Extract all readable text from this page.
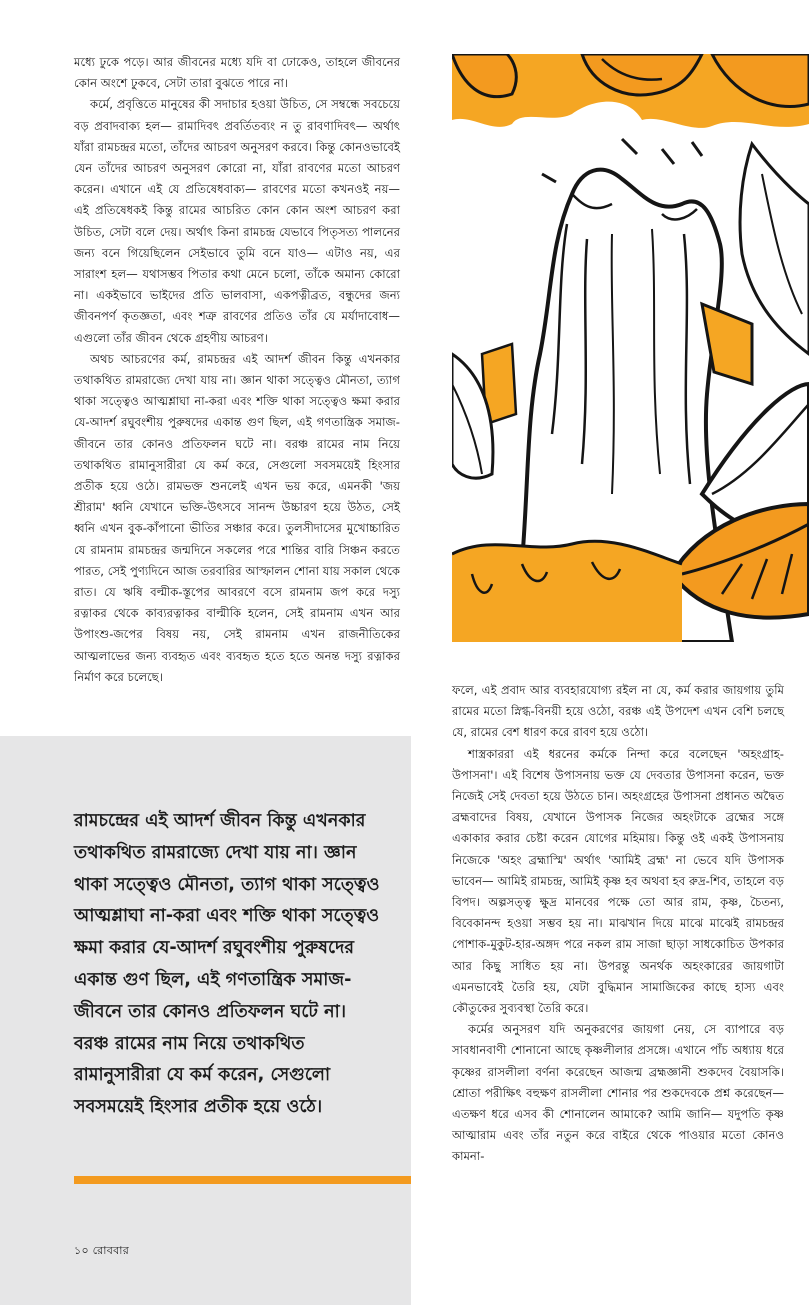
মধ্যে ঢুকে পড়ে। আর জীবনের মধ্যে যদি বা ঢোকেও, তাহলে জীবনের কোন অংশে ঢুকবে, সেটা তারা বুঝতে পারে না।

কর্মে, প্রবৃত্তিতে মানুষের কী সদাচার হওয়া উচিত, সে সম্বন্ধে সবচেয়ে বড় প্রবাদবাক্য হল— রামাদিবৎ প্রবর্তিতব্যং ন তু রাবণাদিবৎ— অর্থাৎ যাঁরা রামচন্দ্রর মতো, তাঁদের আচরণ অনুসরণ করবে। কিন্তু কোনওভাবেই যেন তাঁদের আচরণ অনুসরণ কোরো না, যাঁরা রাবণের মতো আচরণ করেন। এখানে এই যে প্রতিষেধবাক্য— রাবণের মতো কখনওই নয়— এই প্রতিষেধকই কিন্তু রামের আচরিত কোন কোন অংশ আচরণ করা উচিত, সেটা বলে দেয়। অর্থাৎ কিনা রামচন্দ্র যেভাবে পিতৃসত্য পালনের জন্য বনে গিয়েছিলেন সেইভাবে তুমি বনে যাও— এটাও নয়, এর সারাংশ হল— যথাসম্ভব পিতার কথা মেনে চলো, তাঁকে অমান্য কোরো না। একইভাবে ভাইদের প্রতি ভালবাসা, একপত্নীব্রত, বন্ধুদের জন্য জীবনপর্ণ কৃতজ্ঞতা, এবং শত্রু রাবণের প্রতিও তাঁর যে মর্যাদাবোধ— এগুলো তাঁর জীবন থেকে গ্রহণীয় আচরণ।

অথচ আচরণের কর্ম, রামচন্দ্রর এই আদর্শ জীবন কিন্তু এখনকার তথাকথিত রামরাজ্যে দেখা যায় না। জ্ঞান থাকা সত্ত্বেও মৌনতা, ত্যাগ থাকা সত্ত্বেও আত্মশ্লাঘা না-করা এবং শক্তি থাকা সত্ত্বেও ক্ষমা করার যে-আদর্শ রঘুবংশীয় পুরুষদের একান্ত গুণ ছিল, এই গণতান্ত্রিক সমাজ-জীবনে তার কোনও প্রতিফলন ঘটে না। বরঞ্চ রামের নাম নিয়ে তথাকথিত রামানুসারীরা যে কর্ম করে, সেগুলো সবসময়েই হিংসার প্রতীক হয়ে ওঠে। রামভক্ত শুনলেই এখন ভয় করে, এমনকী 'জয় শ্রীরাম' ধ্বনি যেখানে ভক্তি-উৎসবে সানন্দ উচ্চারণ হয়ে উঠত, সেই ধ্বনি এখন বুক-কাঁপানো ভীতির সঞ্চার করে। তুলসীদাসের মুখোচ্চারিত যে রামনাম রামচন্দ্রর জন্মদিনে সকলের পরে শান্তির বারি সিঞ্চন করতে পারত, সেই পুণ্যদিনে আজ তরবারির আস্ফালন শোনা যায় সকাল থেকে রাত। যে ঋষি বল্মীক-স্তূপের আবরণে বসে রামনাম জপ করে দস্যু রত্নাকর থেকে কাব্যরত্নাকর বাল্মীকি হলেন, সেই রামনাম এখন আর উপাংশু-জপের বিষয় নয়, সেই রামনাম এখন রাজনীতিকের আত্মলাভের জন্য ব্যবহৃত এবং ব্যবহৃত হতে হতে অনন্ত দস্যু রত্নাকর নির্মাণ করে চলেছে।

ফলে, এই প্রবাদ আর ব্যবহারযোগ্য রইল না যে, কর্ম করার জায়গায় তুমি রামের মতো স্নিগ্ধ-বিনয়ী হয়ে ওঠো, বরঞ্চ এই উপদেশ এখন বেশি চলছে যে, রামের বেশ ধারণ করে রাবণ হয়ে ওঠো।

শাস্ত্রকাররা এই ধরনের কর্মকে নিন্দা করে বলেছেন 'অহংগ্রাহ-উপাসনা'। এই বিশেষ উপাসনায় ভক্ত যে দেবতার উপাসনা করেন, ভক্ত নিজেই সেই দেবতা হয়ে উঠতে চান। অহংগ্রহের উপাসনা প্রধানত অদ্বৈত ব্রহ্মবাদের বিষয়, যেখানে উপাসক নিজের অহংটাকে ব্রহ্মের সঙ্গে একাকার করার চেষ্টা করেন যোগের মহিমায়। কিন্তু ওই একই উপাসনায় নিজেকে 'অহং ব্রহ্মাস্মি' অর্থাৎ 'আমিই ব্রহ্ম' না ভেবে যদি উপাসক ভাবেন— আমিই রামচন্দ্র, আমিই কৃষ্ণ হব অথবা হব রুদ্র-শিব, তাহলে বড় বিপদ। অল্পসত্ত্ব ক্ষুদ্র মানবের পক্ষে তো আর রাম, কৃষ্ণ, চৈতন্য, বিবেকানন্দ হওয়া সম্ভব হয় না। মাঝখান দিয়ে মাঝে মাঝেই রামচন্দ্রর পোশাক-মুকুট-হার-অঙ্গদ পরে নকল রাম সাজা ছাড়া সাধকোচিত উপকার আর কিছু সাধিত হয় না। উপরন্তু অনর্থক অহংকারের জায়গাটা এমনভাবেই তৈরি হয়, যেটা বুদ্ধিমান সামাজিকের কাছে হাস্য এবং কৌতুকের সুব্যবস্থা তৈরি করে।

কর্মের অনুসরণ যদি অনুকরণের জায়গা নেয়, সে ব্যাপারে বড় সাবধানবাণী শোনানো আছে কৃষ্ণলীলার প্রসঙ্গে। এখানে পাঁচ অধ্যায় ধরে কৃষ্ণের রাসলীলা বর্ণনা করেছেন আজন্ম ব্রহ্মজ্ঞানী শুকদেব বৈয়াসকি। শ্রোতা পরীক্ষিৎ বহুক্ষণ রাসলীলা শোনার পর শুকদেবকে প্রশ্ন করেছেন— এতক্ষণ ধরে এসব কী শোনালেন আমাকে? আমি জানি— যদুপতি কৃষ্ণ আত্মারাম এবং তাঁর নতুন করে বাইরে থেকে পাওয়ার মতো কোনও কামনা-

রামচন্দ্রের এই আদর্শ জীবন কিন্তু এখনকার তথাকথিত রামরাজ্যে দেখা যায় না। জ্ঞান থাকা সত্ত্বেও মৌনতা, ত্যাগ থাকা সত্ত্বেও আত্মশ্লাঘা না-করা এবং শক্তি থাকা সত্ত্বেও ক্ষমা করার যে-আদর্শ রঘুবংশীয় পুরুষদের একান্ত গুণ ছিল, এই গণতান্ত্রিক সমাজ-জীবনে তার কোনও প্রতিফলন ঘটে না। বরঞ্চ রামের নাম নিয়ে তথাকথিত রামানুসারীরা যে কর্ম করেন, সেগুলো সবসময়েই হিংসার প্রতীক হয়ে ওঠে।

১০ রোববার
